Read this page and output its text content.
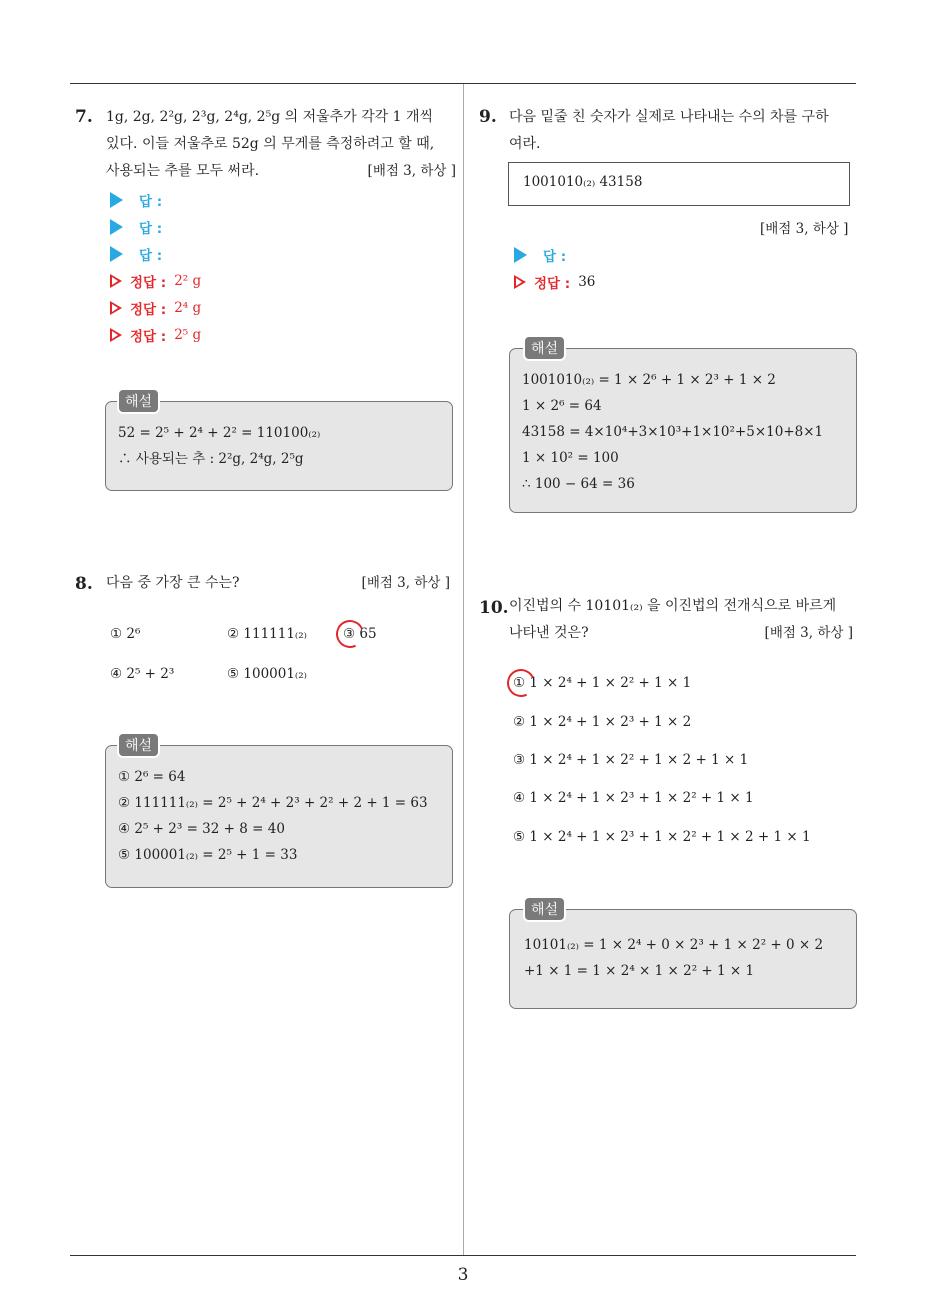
3
7. 1g, 2g, 2²g, 2³g, 2⁴g, 2⁵g 의 저울추가 각각 1 개씩
있다. 이들 저울추로 52g 의 무게를 측정하려고 할 때,
사용되는 추를 모두 써라.	[배점 3, 하상 ]
답 :
답 :
답 :
정답 : 2² g
정답 : 2⁴ g
정답 : 2⁵ g
52 = 2⁵ + 2⁴ + 2² = 110100₍₂₎
∴ 사용되는 추 : 2²g, 2⁴g, 2⁵g
해설
8. 다음 중 가장 큰 수는?	[배점 3, 하상 ]
① 2⁶	② 111111₍₂₎	③ 65
④ 2⁵ + 2³	⑤ 100001₍₂₎
① 2⁶ = 64
② 111111₍₂₎ = 2⁵ + 2⁴ + 2³ + 2² + 2 + 1 = 63
④ 2⁵ + 2³ = 32 + 8 = 40
⑤ 100001₍₂₎ = 2⁵ + 1 = 33
해설
9. 다음 밑줄 친 숫자가 실제로 나타내는 수의 차를 구하
여라.
1001010₍₂₎ 43158
[배점 3, 하상 ]
답 :
정답 : 36
1001010₍₂₎ = 1 × 2⁶ + 1 × 2³ + 1 × 2
1 × 2⁶ = 64
43158 = 4×10⁴+3×10³+1×10²+5×10+8×1
1 × 10² = 100
∴ 100 − 64 = 36
해설
10. 이진법의 수 10101₍₂₎ 을 이진법의 전개식으로 바르게
나타낸 것은?	[배점 3, 하상 ]
① 1 × 2⁴ + 1 × 2² + 1 × 1
② 1 × 2⁴ + 1 × 2³ + 1 × 2
③ 1 × 2⁴ + 1 × 2² + 1 × 2 + 1 × 1
④ 1 × 2⁴ + 1 × 2³ + 1 × 2² + 1 × 1
⑤ 1 × 2⁴ + 1 × 2³ + 1 × 2² + 1 × 2 + 1 × 1
10101₍₂₎ = 1 × 2⁴ + 0 × 2³ + 1 × 2² + 0 × 2
+1 × 1 = 1 × 2⁴ × 1 × 2² + 1 × 1
해설
